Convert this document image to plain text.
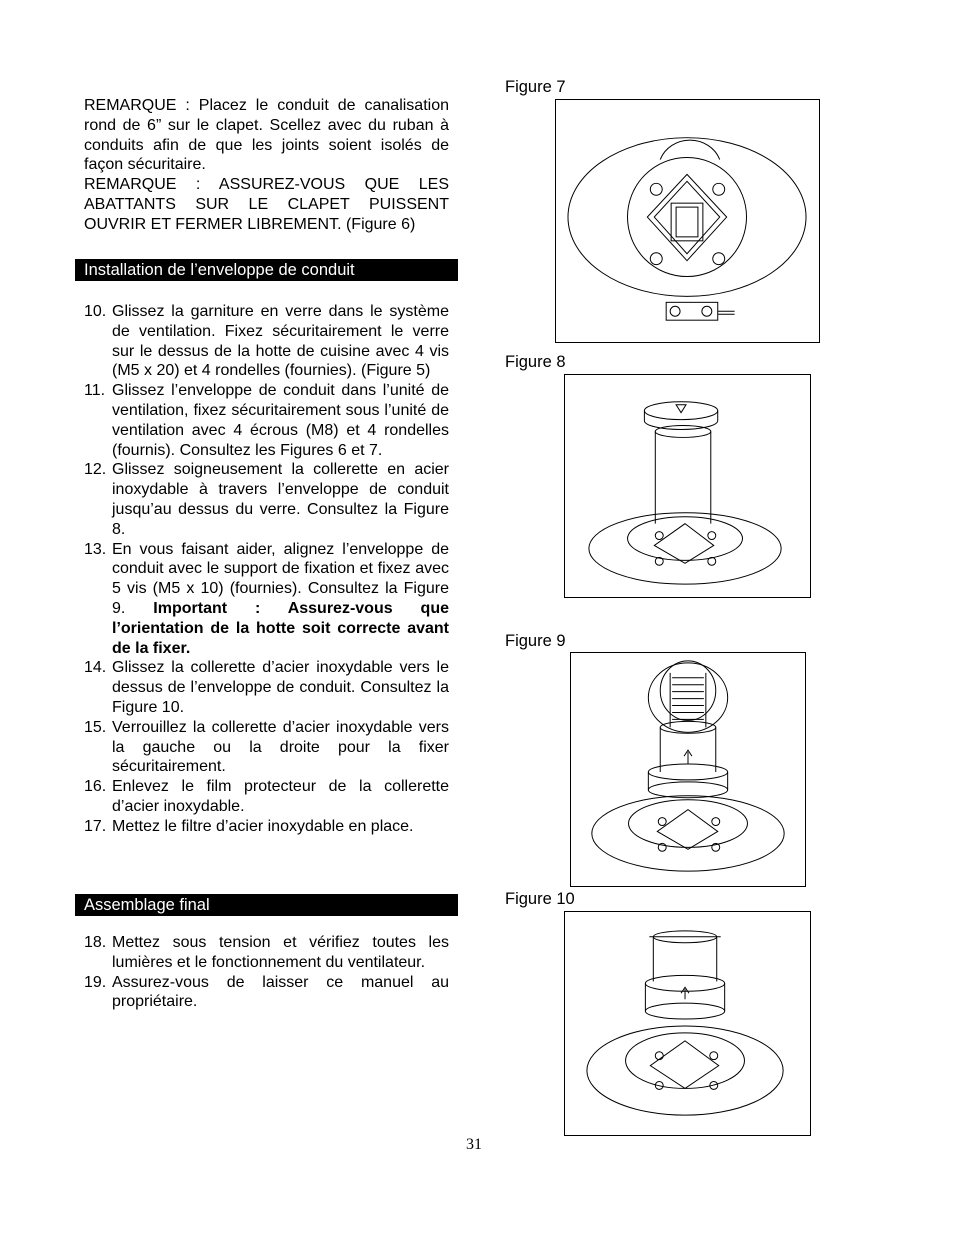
REMARQUE : Placez le conduit de canalisation rond de 6” sur le clapet. Scellez avec du ruban à conduits afin de que les joints soient isolés de façon sécuritaire.

REMARQUE : ASSUREZ-VOUS QUE LES ABATTANTS SUR LE CLAPET PUISSENT OUVRIR ET FERMER LIBREMENT. (Figure 6)

Installation de l’enveloppe de conduit
10. Glissez la garniture en verre dans le système de ventilation. Fixez sécuritairement le verre sur le dessus de la hotte de cuisine avec 4 vis (M5 x 20) et 4 rondelles (fournies). (Figure 5)
11. Glissez l’enveloppe de conduit dans l’unité de ventilation, fixez sécuritairement sous l’unité de ventilation avec 4 écrous (M8) et 4 rondelles (fournis). Consultez les Figures 6 et 7.
12. Glissez soigneusement la collerette en acier inoxydable à travers l’enveloppe de conduit jusqu’au dessus du verre. Consultez la Figure 8.
13. En vous faisant aider, alignez l’enveloppe de conduit avec le support de fixation et fixez avec 5 vis (M5 x 10) (fournies). Consultez la Figure 9. Important : Assurez-vous que l’orientation de la hotte soit correcte avant de la fixer.
14. Glissez la collerette d’acier inoxydable vers le dessus de l’enveloppe de conduit. Consultez la Figure 10.
15. Verrouillez la collerette d’acier inoxydable vers la gauche ou la droite pour la fixer sécuritairement.
16. Enlevez le film protecteur de la collerette d’acier inoxydable.
17. Mettez le filtre d’acier inoxydable en place.
Assemblage final
18. Mettez sous tension et vérifiez toutes les lumières et le fonctionnement du ventilateur.
19. Assurez-vous de laisser ce manuel au propriétaire.
Figure 7
Figure 8
Figure 9
Figure 10
31
